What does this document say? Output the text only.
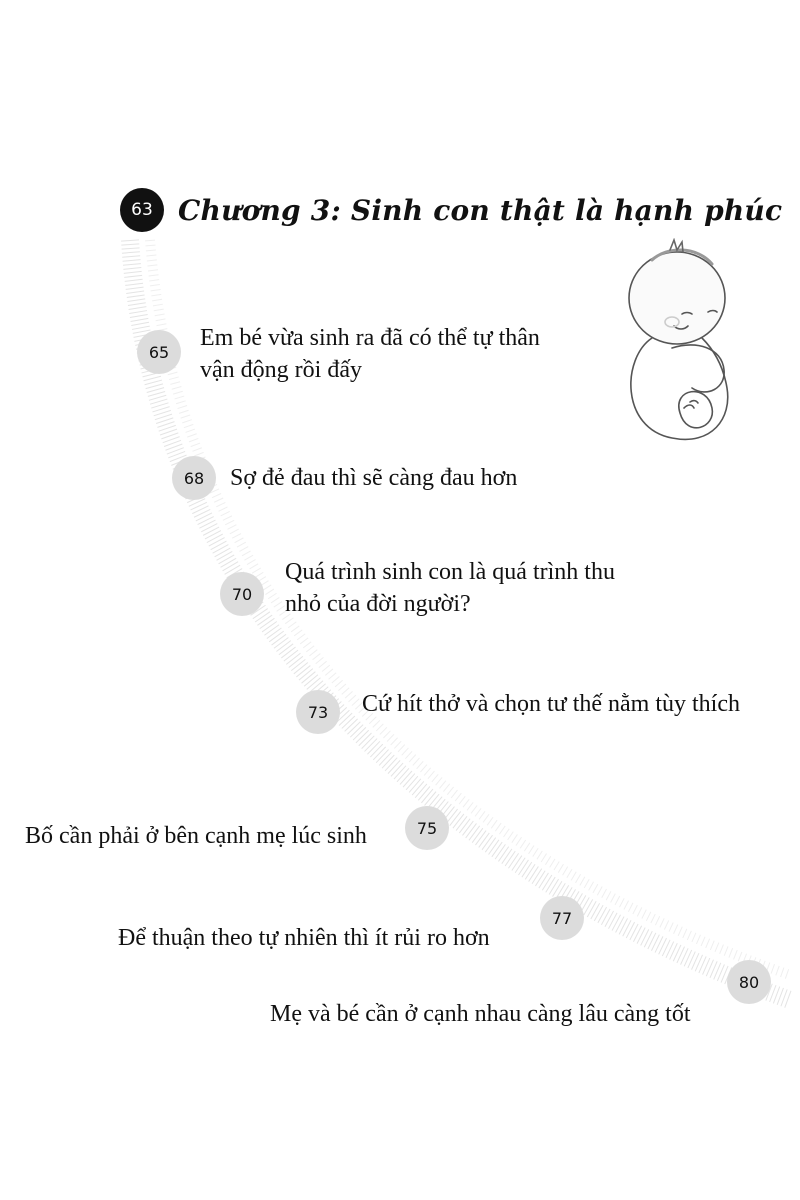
63 Chương 3: Sinh con thật là hạnh phúc
65
Em bé vừa sinh ra đã có thể tự thân
vận động rồi đấy
68	Sợ đẻ đau thì sẽ càng đau hơn
70
Quá trình sinh con là quá trình thu
nhỏ của đời người?
73	Cứ hít thở và chọn tư thế nằm tùy thích
75
Bố cần phải ở bên cạnh mẹ lúc sinh
77
Để thuận theo tự nhiên thì ít rủi ro hơn
80
Mẹ và bé cần ở cạnh nhau càng lâu càng tốt
